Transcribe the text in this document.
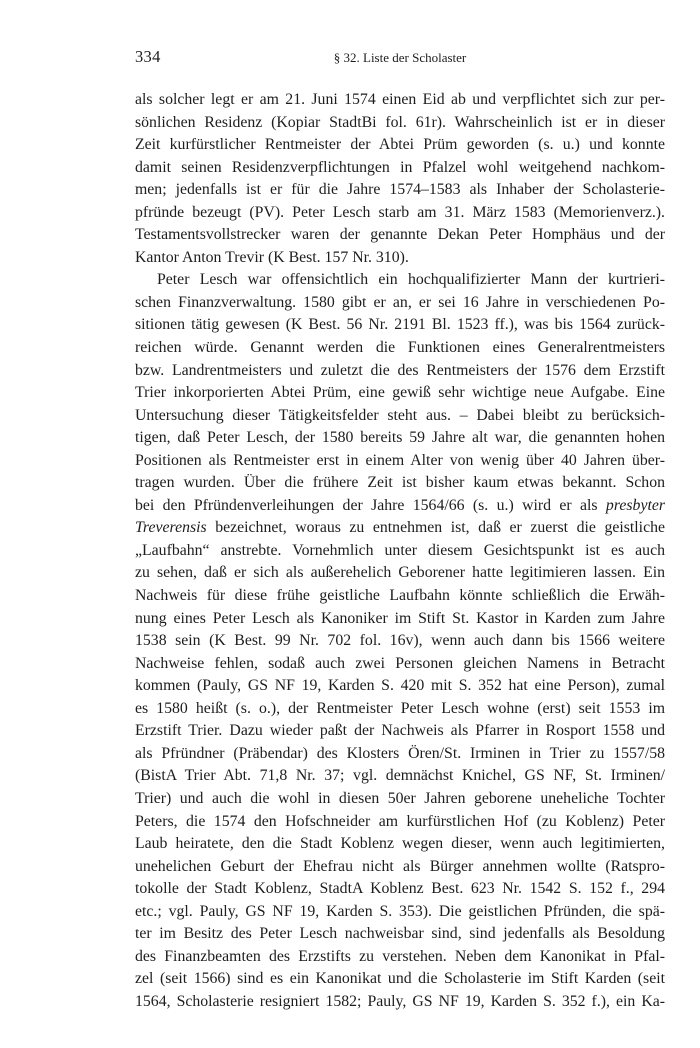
334	§ 32. Liste der Scholaster
als solcher legt er am 21. Juni 1574 einen Eid ab und verpflichtet sich zur per-
sönlichen Residenz (Kopiar StadtBi fol. 61r). Wahrscheinlich ist er in dieser
Zeit kurfürstlicher Rentmeister der Abtei Prüm geworden (s. u.) und konnte
damit seinen Residenzverpflichtungen in Pfalzel wohl weitgehend nachkom-
men; jedenfalls ist er für die Jahre 1574–1583 als Inhaber der Scholasterie-
pfründe bezeugt (PV). Peter Lesch starb am 31. März 1583 (Memorienverz.).
Testamentsvollstrecker waren der genannte Dekan Peter Homphäus und der
Kantor Anton Trevir (K Best. 157 Nr. 310).
Peter Lesch war offensichtlich ein hochqualifizierter Mann der kurtrieri-
schen Finanzverwaltung. 1580 gibt er an, er sei 16 Jahre in verschiedenen Po-
sitionen tätig gewesen (K Best. 56 Nr. 2191 Bl. 1523 ff.), was bis 1564 zurück-
reichen würde. Genannt werden die Funktionen eines Generalrentmeisters
bzw. Landrentmeisters und zuletzt die des Rentmeisters der 1576 dem Erzstift
Trier inkorporierten Abtei Prüm, eine gewiß sehr wichtige neue Aufgabe. Eine
Untersuchung dieser Tätigkeitsfelder steht aus. – Dabei bleibt zu berücksich-
tigen, daß Peter Lesch, der 1580 bereits 59 Jahre alt war, die genannten hohen
Positionen als Rentmeister erst in einem Alter von wenig über 40 Jahren über-
tragen wurden. Über die frühere Zeit ist bisher kaum etwas bekannt. Schon
bei den Pfründenverleihungen der Jahre 1564/66 (s. u.) wird er als presbyter
Treverensis bezeichnet, woraus zu entnehmen ist, daß er zuerst die geistliche
„Laufbahn“ anstrebte. Vornehmlich unter diesem Gesichtspunkt ist es auch
zu sehen, daß er sich als außerehelich Geborener hatte legitimieren lassen. Ein
Nachweis für diese frühe geistliche Laufbahn könnte schließlich die Erwäh-
nung eines Peter Lesch als Kanoniker im Stift St. Kastor in Karden zum Jahre
1538 sein (K Best. 99 Nr. 702 fol. 16v), wenn auch dann bis 1566 weitere
Nachweise fehlen, sodaß auch zwei Personen gleichen Namens in Betracht
kommen (Pauly, GS NF 19, Karden S. 420 mit S. 352 hat eine Person), zumal
es 1580 heißt (s. o.), der Rentmeister Peter Lesch wohne (erst) seit 1553 im
Erzstift Trier. Dazu wieder paßt der Nachweis als Pfarrer in Rosport 1558 und
als Pfründner (Präbendar) des Klosters Ören/St. Irminen in Trier zu 1557/58
(BistA Trier Abt. 71,8 Nr. 37; vgl. demnächst Knichel, GS NF, St. Irminen/
Trier) und auch die wohl in diesen 50er Jahren geborene uneheliche Tochter
Peters, die 1574 den Hofschneider am kurfürstlichen Hof (zu Koblenz) Peter
Laub heiratete, den die Stadt Koblenz wegen dieser, wenn auch legitimierten,
unehelichen Geburt der Ehefrau nicht als Bürger annehmen wollte (Ratspro-
tokolle der Stadt Koblenz, StadtA Koblenz Best. 623 Nr. 1542 S. 152 f., 294
etc.; vgl. Pauly, GS NF 19, Karden S. 353). Die geistlichen Pfründen, die spä-
ter im Besitz des Peter Lesch nachweisbar sind, sind jedenfalls als Besoldung
des Finanzbeamten des Erzstifts zu verstehen. Neben dem Kanonikat in Pfal-
zel (seit 1566) sind es ein Kanonikat und die Scholasterie im Stift Karden (seit
1564, Scholasterie resigniert 1582; Pauly, GS NF 19, Karden S. 352 f.), ein Ka-
